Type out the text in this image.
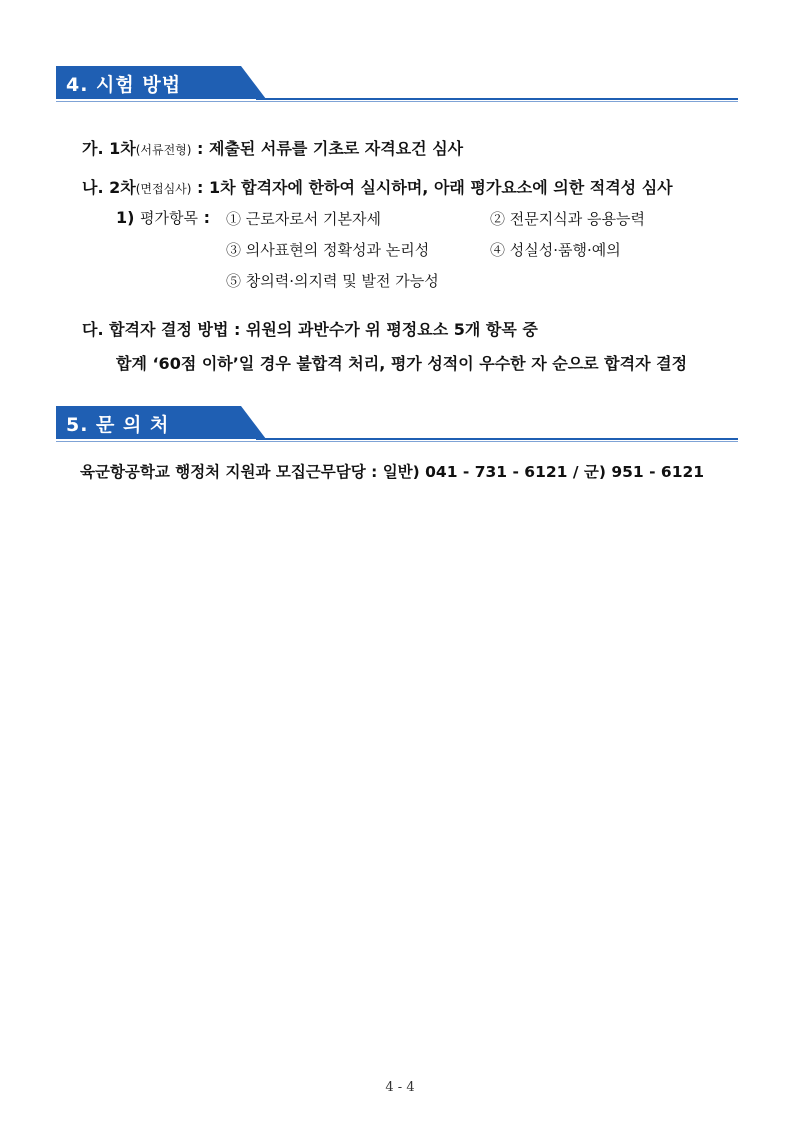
4. 시험 방법
가. 1차(서류전형) : 제출된 서류를 기초로 자격요건 심사
나. 2차(면접심사) : 1차 합격자에 한하여 실시하며, 아래 평가요소에 의한 적격성 심사
1) 평가항목 : ① 근로자로서 기본자세	② 전문지식과 응용능력
③ 의사표현의 정확성과 논리성	④ 성실성·품행·예의
⑤ 창의력·의지력 및 발전 가능성
다. 합격자 결정 방법 : 위원의 과반수가 위 평정요소 5개 항목 중
합계 ‘60점 이하’일 경우 불합격 처리, 평가 성적이 우수한 자 순으로 합격자 결정
5. 문 의 처
육군항공학교 행정처 지원과 모집근무담당 : 일반) 041 - 731 - 6121 / 군) 951 - 6121
4 - 4
